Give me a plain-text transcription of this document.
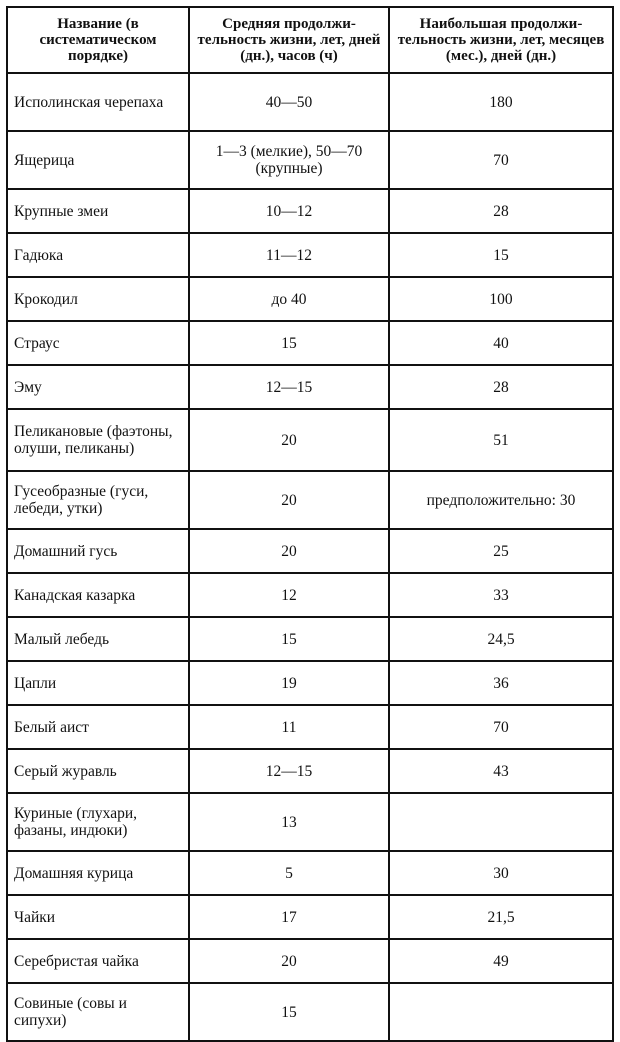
Название (в систематическом порядке)	Средняя продолжи-тельность жизни, лет, дней (дн.), часов (ч)	Наибольшая продолжи-тельность жизни, лет, месяцев (мес.), дней (дн.)
Исполинская черепаха	40—50	180
Ящерица	1—3 (мелкие), 50—70 (крупные)	70
Крупные змеи	10—12	28
Гадюка	11—12	15
Крокодил	до 40	100
Страус	15	40
Эму	12—15	28
Пеликановые (фаэтоны, олуши, пеликаны)	20	51
Гусеобразные (гуси, лебеди, утки)	20	предположительно: 30
Домашний гусь	20	25
Канадская казарка	12	33
Малый лебедь	15	24,5
Цапли	19	36
Белый аист	11	70
Серый журавль	12—15	43
Куриные (глухари, фазаны, индюки)	13	
Домашняя курица	5	30
Чайки	17	21,5
Серебристая чайка	20	49
Совиные (совы и сипухи)	15	
